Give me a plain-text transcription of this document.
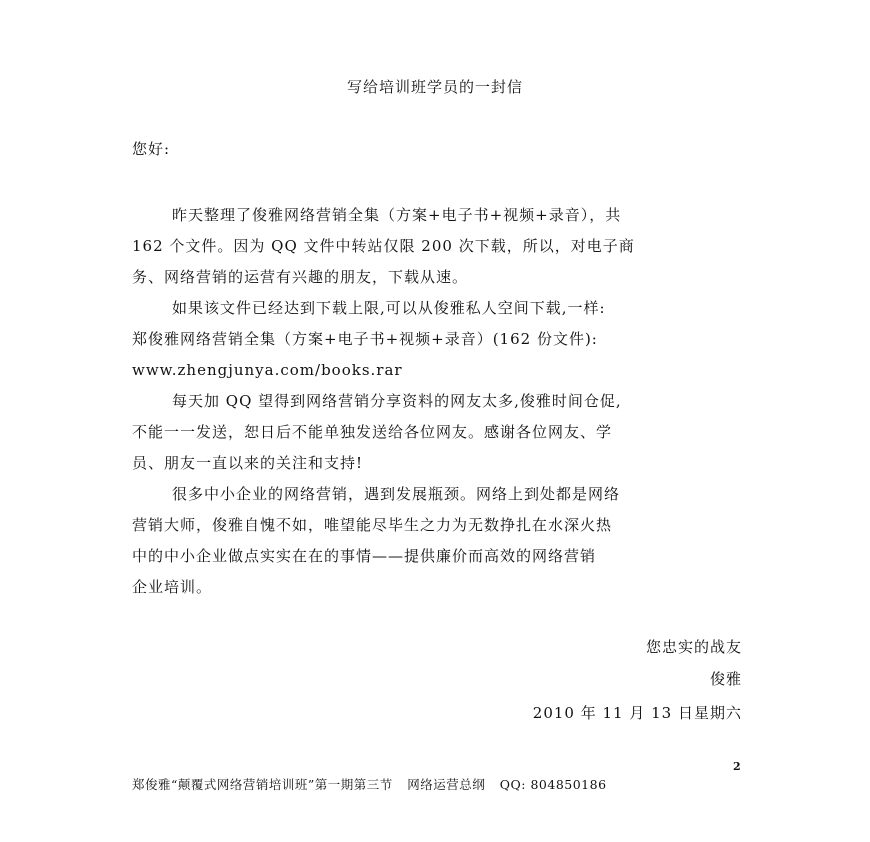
写给培训班学员的一封信
您好:
昨天整理了俊雅网络营销全集（方案+电子书+视频+录音），共
162 个文件。因为 QQ 文件中转站仅限 200 次下载，所以，对电子商
务、网络营销的运营有兴趣的朋友，下载从速。
如果该文件已经达到下载上限,可以从俊雅私人空间下载,一样:
郑俊雅网络营销全集（方案+电子书+视频+录音）(162 份文件):
www.zhengjunya.com/books.rar
每天加 QQ 望得到网络营销分享资料的网友太多,俊雅时间仓促,
不能一一发送，恕日后不能单独发送给各位网友。感谢各位网友、学
员、朋友一直以来的关注和支持!
很多中小企业的网络营销，遇到发展瓶颈。网络上到处都是网络
营销大师，俊雅自愧不如，唯望能尽毕生之力为无数挣扎在水深火热
中的中小企业做点实实在在的事情——提供廉价而高效的网络营销
企业培训。
您忠实的战友
俊雅
2010 年 11 月 13 日星期六
2
郑俊雅“颠覆式网络营销培训班”第一期第三节 网络运营总纲 QQ: 804850186
